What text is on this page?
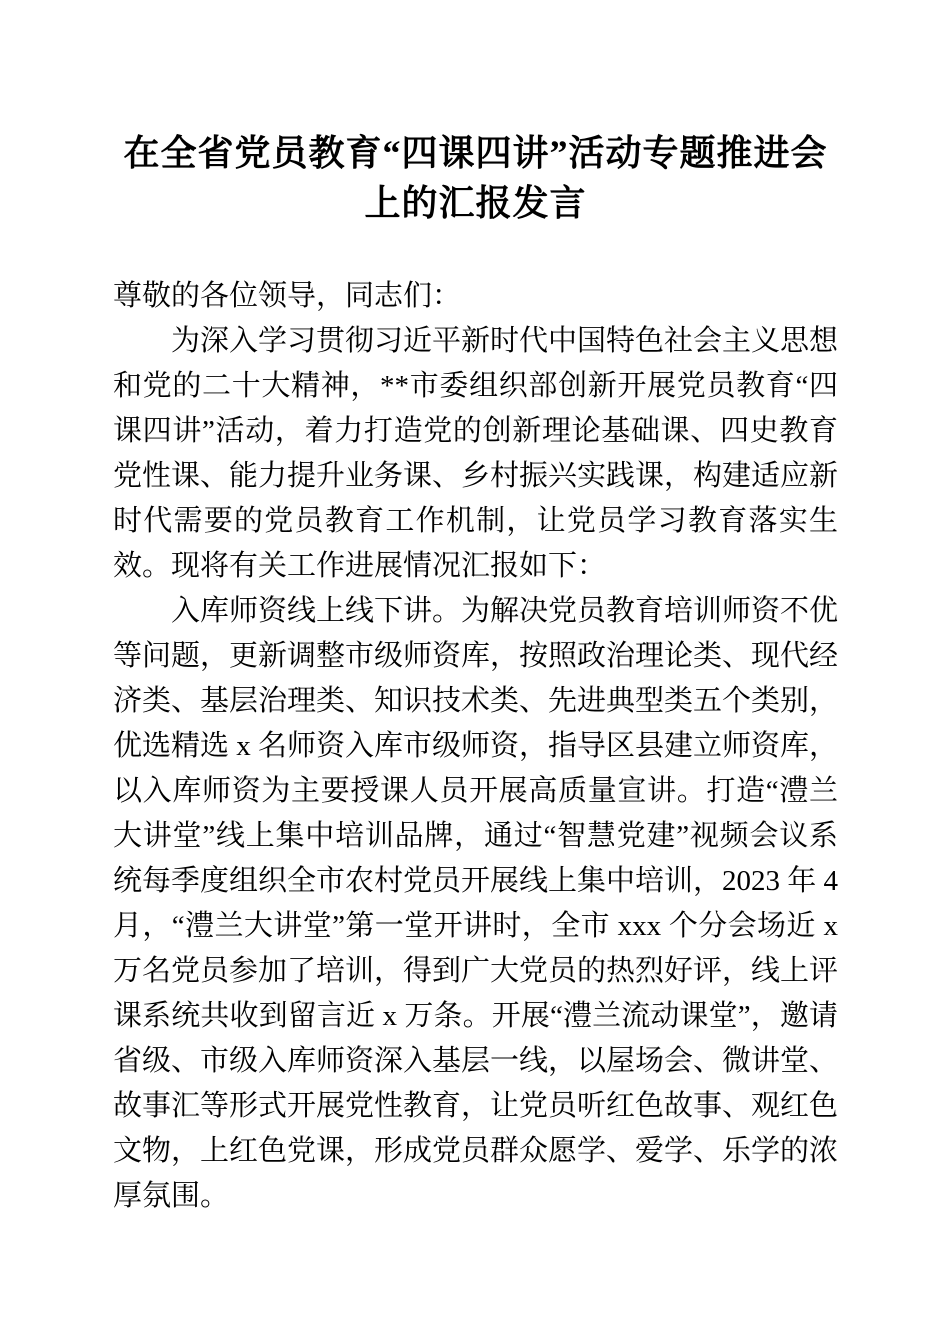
在全省党员教育“四课四讲”活动专题推进会上的汇报发言

尊敬的各位领导，同志们：

为深入学习贯彻习近平新时代中国特色社会主义思想和党的二十大精神，**市委组织部创新开展党员教育“四课四讲”活动，着力打造党的创新理论基础课、四史教育党性课、能力提升业务课、乡村振兴实践课，构建适应新时代需要的党员教育工作机制，让党员学习教育落实生效。现将有关工作进展情况汇报如下：

入库师资线上线下讲。为解决党员教育培训师资不优等问题，更新调整市级师资库，按照政治理论类、现代经济类、基层治理类、知识技术类、先进典型类五个类别，优选精选 x 名师资入库市级师资，指导区县建立师资库，以入库师资为主要授课人员开展高质量宣讲。打造“澧兰大讲堂”线上集中培训品牌，通过“智慧党建”视频会议系统每季度组织全市农村党员开展线上集中培训，2023 年 4 月，“澧兰大讲堂”第一堂开讲时，全市 xxx 个分会场近 x 万名党员参加了培训，得到广大党员的热烈好评，线上评课系统共收到留言近 x 万条。开展“澧兰流动课堂”，邀请省级、市级入库师资深入基层一线，以屋场会、微讲堂、故事汇等形式开展党性教育，让党员听红色故事、观红色文物，上红色党课，形成党员群众愿学、爱学、乐学的浓厚氛围。
